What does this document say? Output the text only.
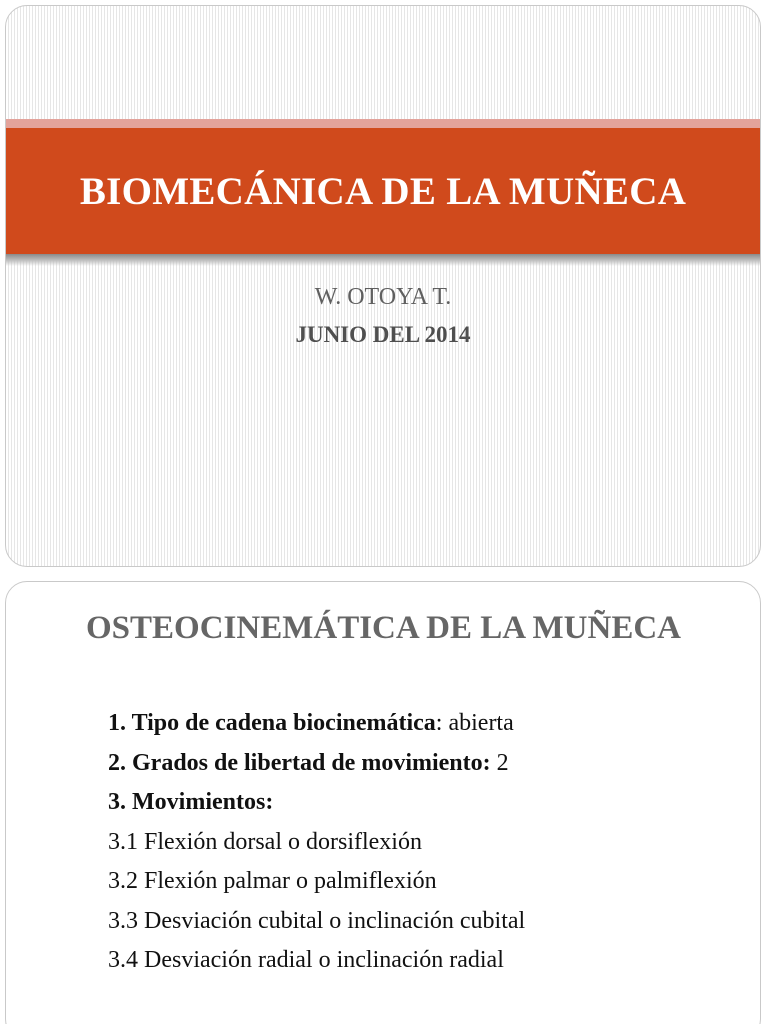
BIOMECÁNICA DE LA MUÑECA
W. OTOYA T.
JUNIO DEL 2014
OSTEOCINEMÁTICA DE LA MUÑECA
1. Tipo de cadena biocinemática: abierta
2. Grados de libertad de movimiento: 2
3. Movimientos:
3.1 Flexión dorsal o dorsiflexión
3.2 Flexión palmar o palmiflexión
3.3 Desviación cubital o inclinación cubital
3.4 Desviación radial o inclinación radial
